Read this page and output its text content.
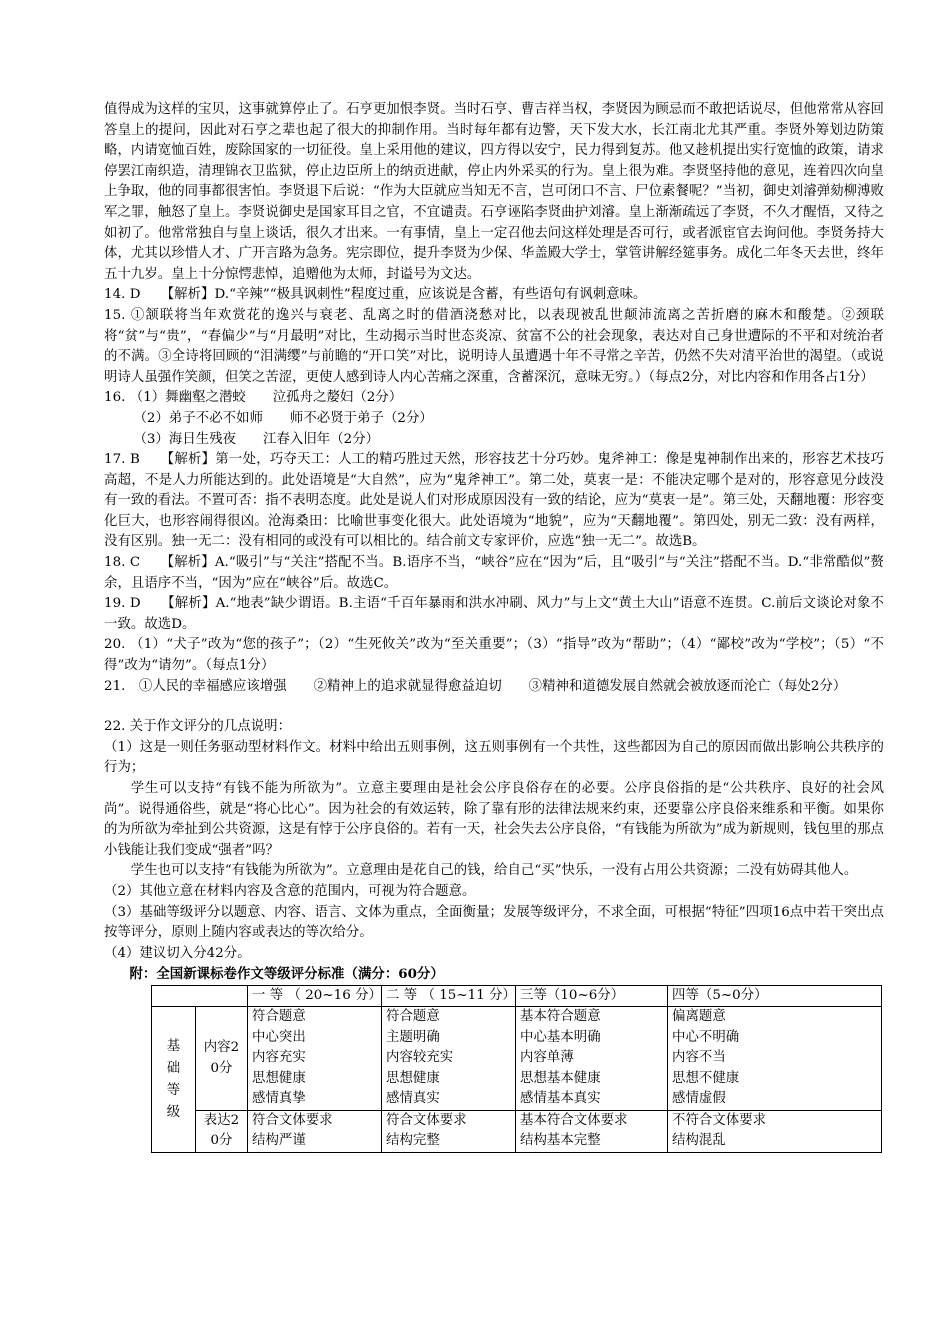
值得成为这样的宝贝，这事就算停止了。石亨更加恨李贤。当时石亨、曹吉祥当权，李贤因为顾忌而不敢把话说尽，但他常常从容回答皇上的提问，因此对石亨之辈也起了很大的抑制作用。当时每年都有边警，天下发大水，长江南北尤其严重。李贤外筹划边防策略，内请宽恤百姓，废除国家的一切征役。皇上采用他的建议，四方得以安宁，民力得到复苏。他又趁机提出实行宽恤的政策，请求停罢江南织造，清理锦衣卫监狱，停止边臣所上的纳贡进献，停止内外采买的行为。皇上很为难。李贤坚持他的意见，连着四次向皇上争取，他的同事都很害怕。李贤退下后说：“作为大臣就应当知无不言，岂可闭口不言、尸位素餐呢？”当初，御史刘濬弹劾柳溥败军之罪，触怒了皇上。李贤说御史是国家耳目之官，不宜谴责。石亨诬陷李贤曲护刘濬。皇上渐渐疏远了李贤，不久才醒悟，又待之如初了。他常常独自与皇上谈话，很久才出来。一有事情，皇上一定召他去问这样处理是否可行，或者派宦官去询问他。李贤务持大体，尤其以珍惜人才、广开言路为急务。宪宗即位，提升李贤为少保、华盖殿大学士，掌管讲解经筵事务。成化二年冬天去世，终年五十九岁。皇上十分惊愕悲悼，追赠他为太师，封谥号为文达。

14. D　　【解析】D.“辛辣”“极具讽刺性”程度过重，应该说是含蓄，有些语句有讽刺意味。

15. ①颔联将当年欢赏花的逸兴与衰老、乱离之时的借酒浇愁对比，以表现被乱世颠沛流离之苦折磨的麻木和酸楚。②颈联将“贫”与“贵”，“春偏少”与“月最明”对比，生动揭示当时世态炎凉、贫富不公的社会现象，表达对自己身世遭际的不平和对统治者的不满。③全诗将回顾的“泪满缨”与前瞻的“开口笑”对比，说明诗人虽遭遇十年不寻常之辛苦，仍然不失对清平治世的渴望。（或说明诗人虽强作笑颜，但笑之苦涩，更使人感到诗人内心苦痛之深重，含蓄深沉，意味无穷。）（每点2分，对比内容和作用各占1分）

16. （1）舞幽壑之潜蛟　　泣孤舟之嫠妇（2分）

（2）弟子不必不如师　　师不必贤于弟子（2分）

（3）海日生残夜　　江春入旧年（2分）

17. B　　【解析】第一处，巧夺天工：人工的精巧胜过天然，形容技艺十分巧妙。鬼斧神工：像是鬼神制作出来的，形容艺术技巧高超，不是人力所能达到的。此处语境是“大自然”，应为“鬼斧神工”。第二处，莫衷一是：不能决定哪个是对的，形容意见分歧没有一致的看法。不置可否：指不表明态度。此处是说人们对形成原因没有一致的结论，应为“莫衷一是”。第三处，天翻地覆：形容变化巨大，也形容闹得很凶。沧海桑田：比喻世事变化很大。此处语境为“地貌”，应为“天翻地覆”。第四处，别无二致：没有两样，没有区别。独一无二：没有相同的或没有可以相比的。结合前文专家评价，应选“独一无二”。故选B。

18. C　　【解析】A.“吸引”与“关注”搭配不当。B.语序不当，“峡谷”应在“因为”后，且“吸引”与“关注”搭配不当。D.“非常酷似”赘余，且语序不当，“因为”应在“峡谷”后。故选C。

19. D　　【解析】A.“地表”缺少谓语。B.主语“千百年暴雨和洪水冲刷、风力”与上文“黄土大山”语意不连贯。C.前后文谈论对象不一致。故选D。

20. （1）“犬子”改为“您的孩子”；（2）“生死攸关”改为“至关重要”；（3）“指导”改为“帮助”；（4）“鄙校”改为“学校”；（5）“不得”改为“请勿”。（每点1分）

21.　①人民的幸福感应该增强　　②精神上的追求就显得愈益迫切　　③精神和道德发展自然就会被放逐而沦亡（每处2分）

22. 关于作文评分的几点说明：

（1）这是一则任务驱动型材料作文。材料中给出五则事例，这五则事例有一个共性，这些都因为自己的原因而做出影响公共秩序的行为；

学生可以支持“有钱不能为所欲为”。立意主要理由是社会公序良俗存在的必要。公序良俗指的是“公共秩序、良好的社会风尚”。说得通俗些，就是“将心比心”。因为社会的有效运转，除了靠有形的法律法规来约束，还要靠公序良俗来维系和平衡。如果你的为所欲为牵扯到公共资源，这是有悖于公序良俗的。若有一天，社会失去公序良俗，“有钱能为所欲为”成为新规则，钱包里的那点小钱能让我们变成“强者”吗？

学生也可以支持“有钱能为所欲为”。立意理由是花自己的钱，给自己“买”快乐，一没有占用公共资源；二没有妨碍其他人。

（2）其他立意在材料内容及含意的范围内，可视为符合题意。

（3）基础等级评分以题意、内容、语言、文体为重点，全面衡量；发展等级评分，不求全面，可根据“特征”四项16点中若干突出点按等评分，原则上随内容或表达的等次给分。

（4）建议切入分42分。

附：全国新课标卷作文等级评分标准（满分：60分）

		一 等 （ 20~16 分）	二 等 （ 15~11 分）	三等（10~6分）	四等（5~0分）
基础等级	内容20分	符合题意
中心突出
内容充实
思想健康
感情真挚	符合题意
主题明确
内容较充实
思想健康
感情真实	基本符合题意
中心基本明确
内容单薄
思想基本健康
感情基本真实	偏离题意
中心不明确
内容不当
思想不健康
感情虚假
	表达20分	符合文体要求
结构严谨	符合文体要求
结构完整	基本符合文体要求
结构基本完整	不符合文体要求
结构混乱
